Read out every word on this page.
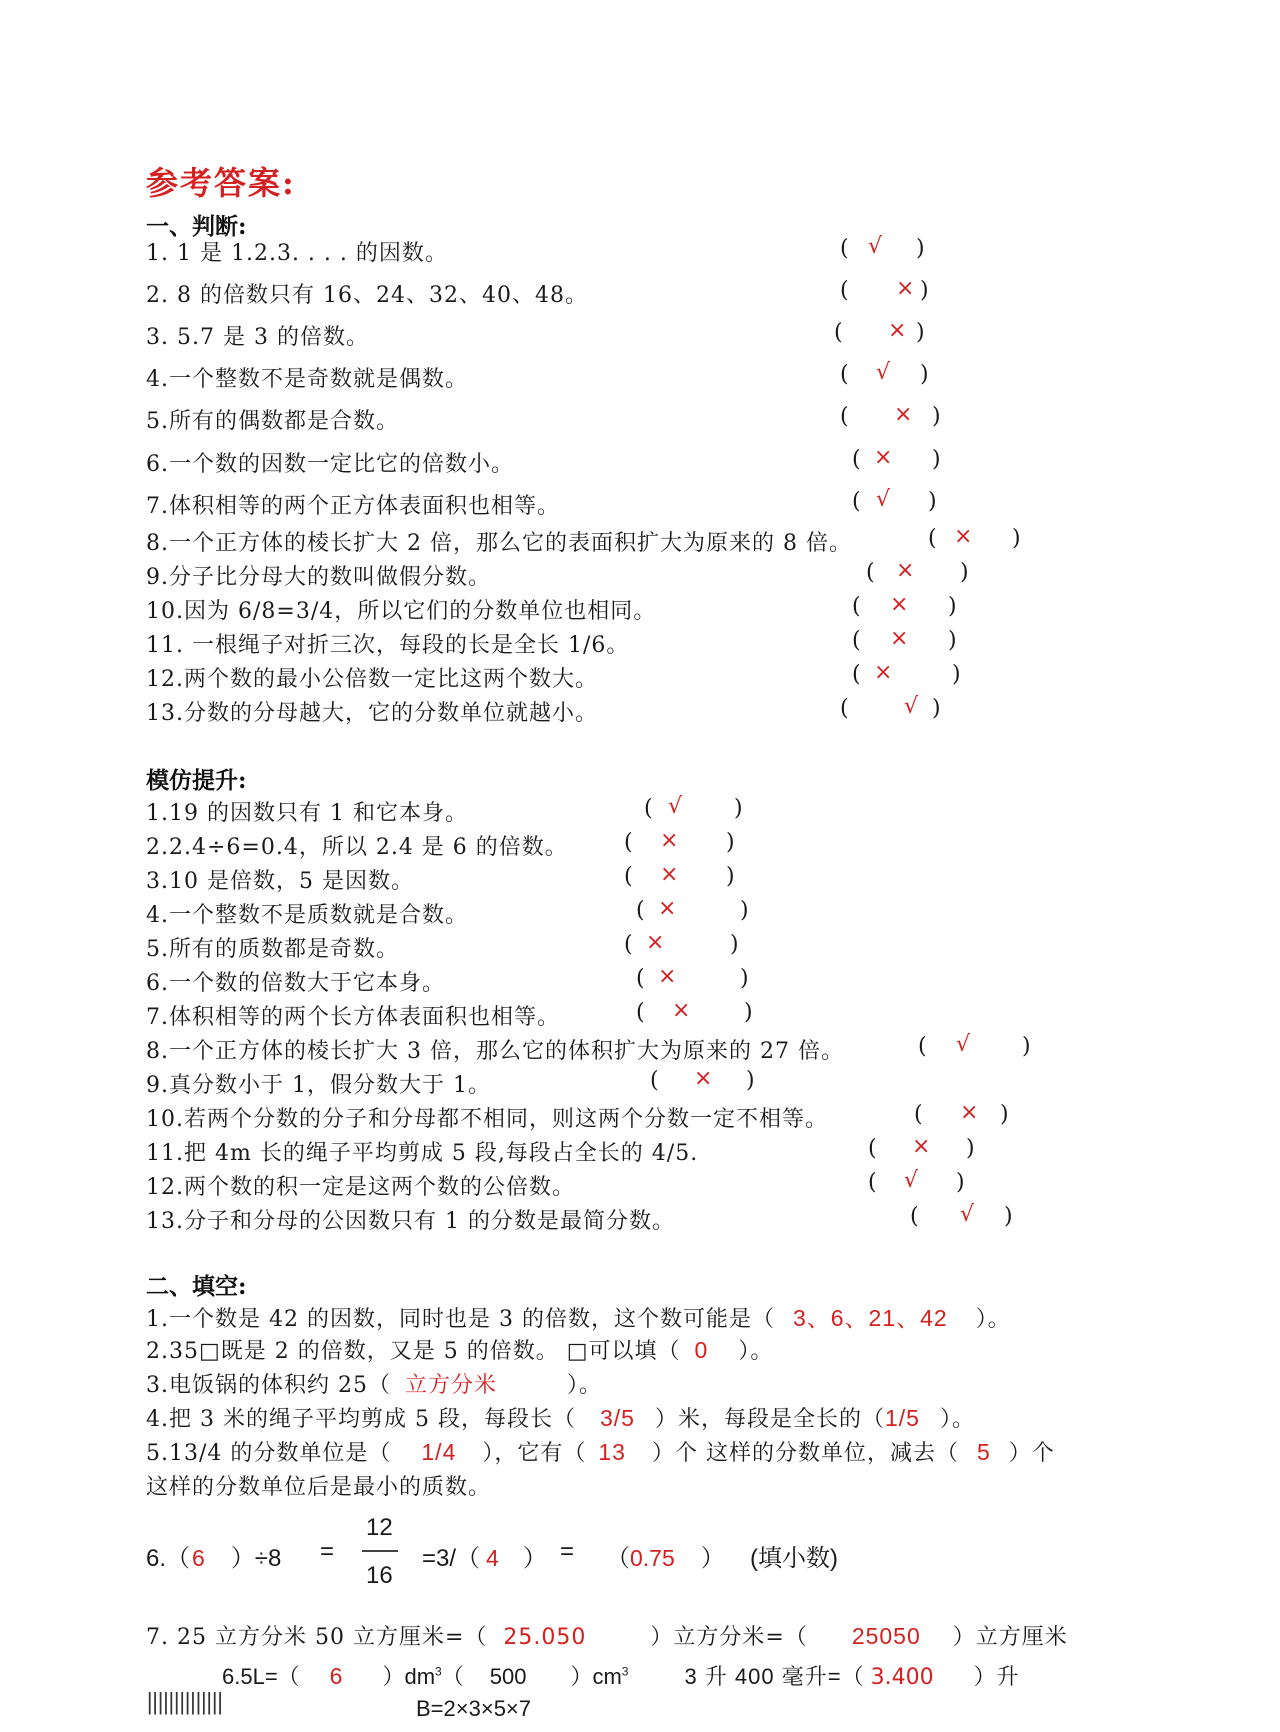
参考答案:
一、判断:
1. 1 是 1.2.3. . . . 的因数。	( √ )
2. 8 的倍数只有 16、24、32、40、48。	( × )
3. 5.7 是 3 的倍数。	( × )
4.一个整数不是奇数就是偶数。	( √ )
5.所有的偶数都是合数。	( × )
6.一个数的因数一定比它的倍数小。	( × )
7.体积相等的两个正方体表面积也相等。	( √ )
8.一个正方体的棱长扩大 2 倍，那么它的表面积扩大为原来的 8 倍。	( × )
9.分子比分母大的数叫做假分数。	( × )
10.因为 6/8=3/4，所以它们的分数单位也相同。	( × )
11. 一根绳子对折三次，每段的长是全长 1/6。	( × )
12.两个数的最小公倍数一定比这两个数大。	( ×	)
13.分数的分母越大，它的分数单位就越小。	(	√ )
模仿提升:
1.19 的因数只有 1 和它本身。	( √ )
2.2.4÷6=0.4，所以 2.4 是 6 的倍数。	( × )
3.10 是倍数，5 是因数。	( × )
4.一个整数不是质数就是合数。	( ×	)
5.所有的质数都是奇数。	( ×	)
6.一个数的倍数大于它本身。	( ×	)
7.体积相等的两个长方体表面积也相等。	( × )
8.一个正方体的棱长扩大 3 倍，那么它的体积扩大为原来的 27 倍。	( √ )
9.真分数小于 1，假分数大于 1。	( × )
10.若两个分数的分子和分母都不相同，则这两个分数一定不相等。	( × )
11.把 4m 长的绳子平均剪成 5 段,每段占全长的 4/5.	( × )
12.两个数的积一定是这两个数的公倍数。	( √ )
13.分子和分母的公因数只有 1 的分数是最简分数。	( √ )
二、填空:
1.一个数是 42 的因数，同时也是 3 的倍数，这个数可能是（ 3、6、21、42 ）。
2.35□既是 2 的倍数，又是 5 的倍数。 □可以填（ 0 ）。
3.电饭锅的体积约 25（ 立方分米	）。
4.把 3 米的绳子平均剪成 5 段，每段长（ 3/5 ）米，每段是全长的（1/5 ）。
5.13/4 的分数单位是（ 1/4 ），它有（ 13 ）个 这样的分数单位，减去（ 5 ）个
这样的分数单位后是最小的质数。
6.（6 ）÷8 =
12
16
=3/（ 4 ） = （0.75 ） (填小数)
7. 25 立方分米 50 立方厘米=（ 25.050	）立方分米=（ 25050 ）立方厘米
6.5L=（ 6 ）$dm^3$（ 500 ）$cm^3$	3 升 400 毫升=（ 3.400 ）升
B=2×3×5×7
||||||||||||||
